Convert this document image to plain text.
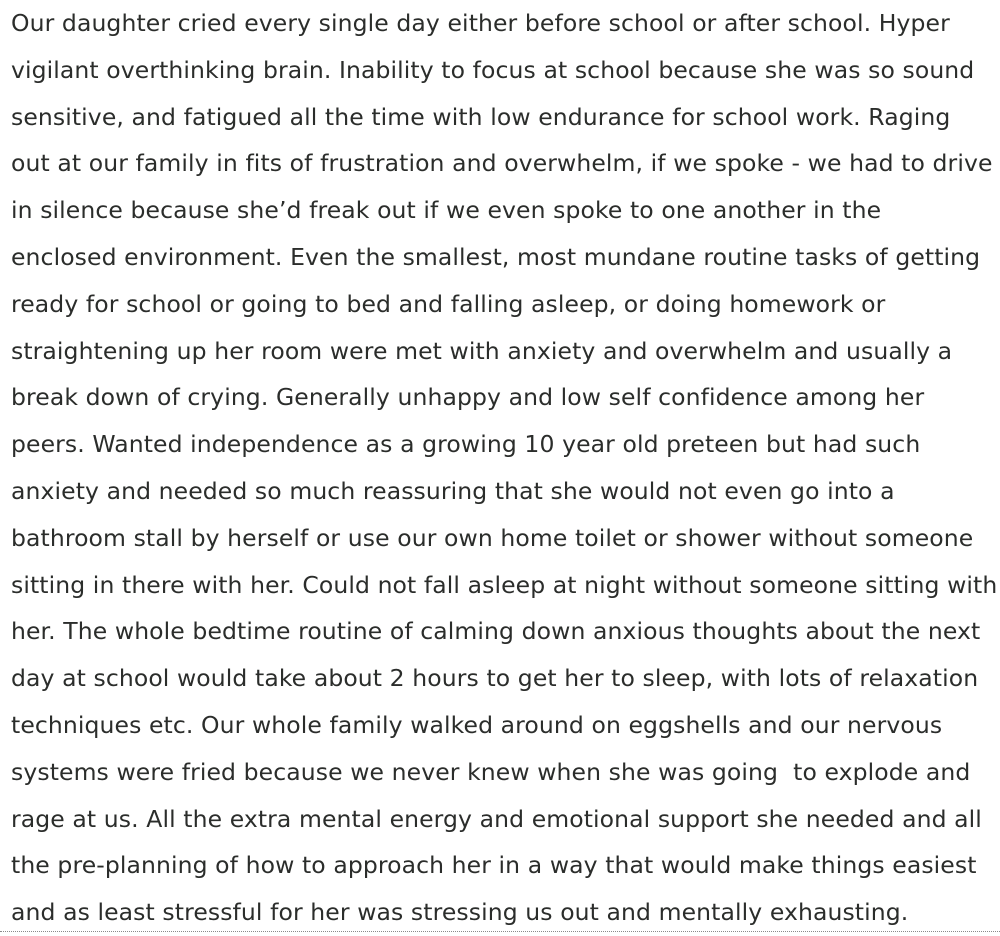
Our daughter cried every single day either before school or after school. Hyper
vigilant overthinking brain. Inability to focus at school because she was so sound
sensitive, and fatigued all the time with low endurance for school work. Raging
out at our family in fits of frustration and overwhelm, if we spoke - we had to drive
in silence because she’d freak out if we even spoke to one another in the
enclosed environment. Even the smallest, most mundane routine tasks of getting
ready for school or going to bed and falling asleep, or doing homework or
straightening up her room were met with anxiety and overwhelm and usually a
break down of crying. Generally unhappy and low self confidence among her
peers. Wanted independence as a growing 10 year old preteen but had such
anxiety and needed so much reassuring that she would not even go into a
bathroom stall by herself or use our own home toilet or shower without someone
sitting in there with her. Could not fall asleep at night without someone sitting with
her. The whole bedtime routine of calming down anxious thoughts about the next
day at school would take about 2 hours to get her to sleep, with lots of relaxation
techniques etc. Our whole family walked around on eggshells and our nervous
systems were fried because we never knew when she was going  to explode and
rage at us. All the extra mental energy and emotional support she needed and all
the pre-planning of how to approach her in a way that would make things easiest
and as least stressful for her was stressing us out and mentally exhausting.
